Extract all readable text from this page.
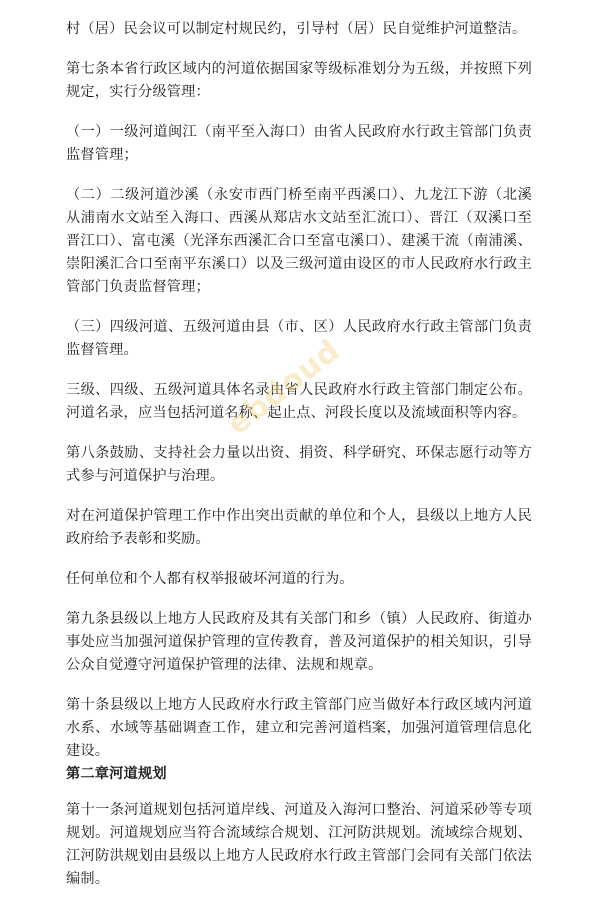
村（居）民会议可以制定村规民约，引导村（居）民自觉维护河道整洁。

第七条本省行政区域内的河道依据国家等级标准划分为五级，并按照下列规定，实行分级管理：

（一）一级河道闽江（南平至入海口）由省人民政府水行政主管部门负责监督管理；

（二）二级河道沙溪（永安市西门桥至南平西溪口）、九龙江下游（北溪从浦南水文站至入海口、西溪从郑店水文站至汇流口）、晋江（双溪口至晋江口）、富屯溪（光泽东西溪汇合口至富屯溪口）、建溪干流（南浦溪、崇阳溪汇合口至南平东溪口）以及三级河道由设区的市人民政府水行政主管部门负责监督管理；

（三）四级河道、五级河道由县（市、区）人民政府水行政主管部门负责监督管理。

三级、四级、五级河道具体名录由省人民政府水行政主管部门制定公布。河道名录，应当包括河道名称、起止点、河段长度以及流域面积等内容。

第八条鼓励、支持社会力量以出资、捐资、科学研究、环保志愿行动等方式参与河道保护与治理。

对在河道保护管理工作中作出突出贡献的单位和个人，县级以上地方人民政府给予表彰和奖励。

任何单位和个人都有权举报破坏河道的行为。

第九条县级以上地方人民政府及其有关部门和乡（镇）人民政府、街道办事处应当加强河道保护管理的宣传教育，普及河道保护的相关知识，引导公众自觉遵守河道保护管理的法律、法规和规章。

第十条县级以上地方人民政府水行政主管部门应当做好本行政区域内河道水系、水域等基础调查工作，建立和完善河道档案，加强河道管理信息化建设。

第二章河道规划

第十一条河道规划包括河道岸线、河道及入海河口整治、河道采砂等专项规划。河道规划应当符合流域综合规划、江河防洪规划。流域综合规划、江河防洪规划由县级以上地方人民政府水行政主管部门会同有关部门依法编制。

ebdoud
